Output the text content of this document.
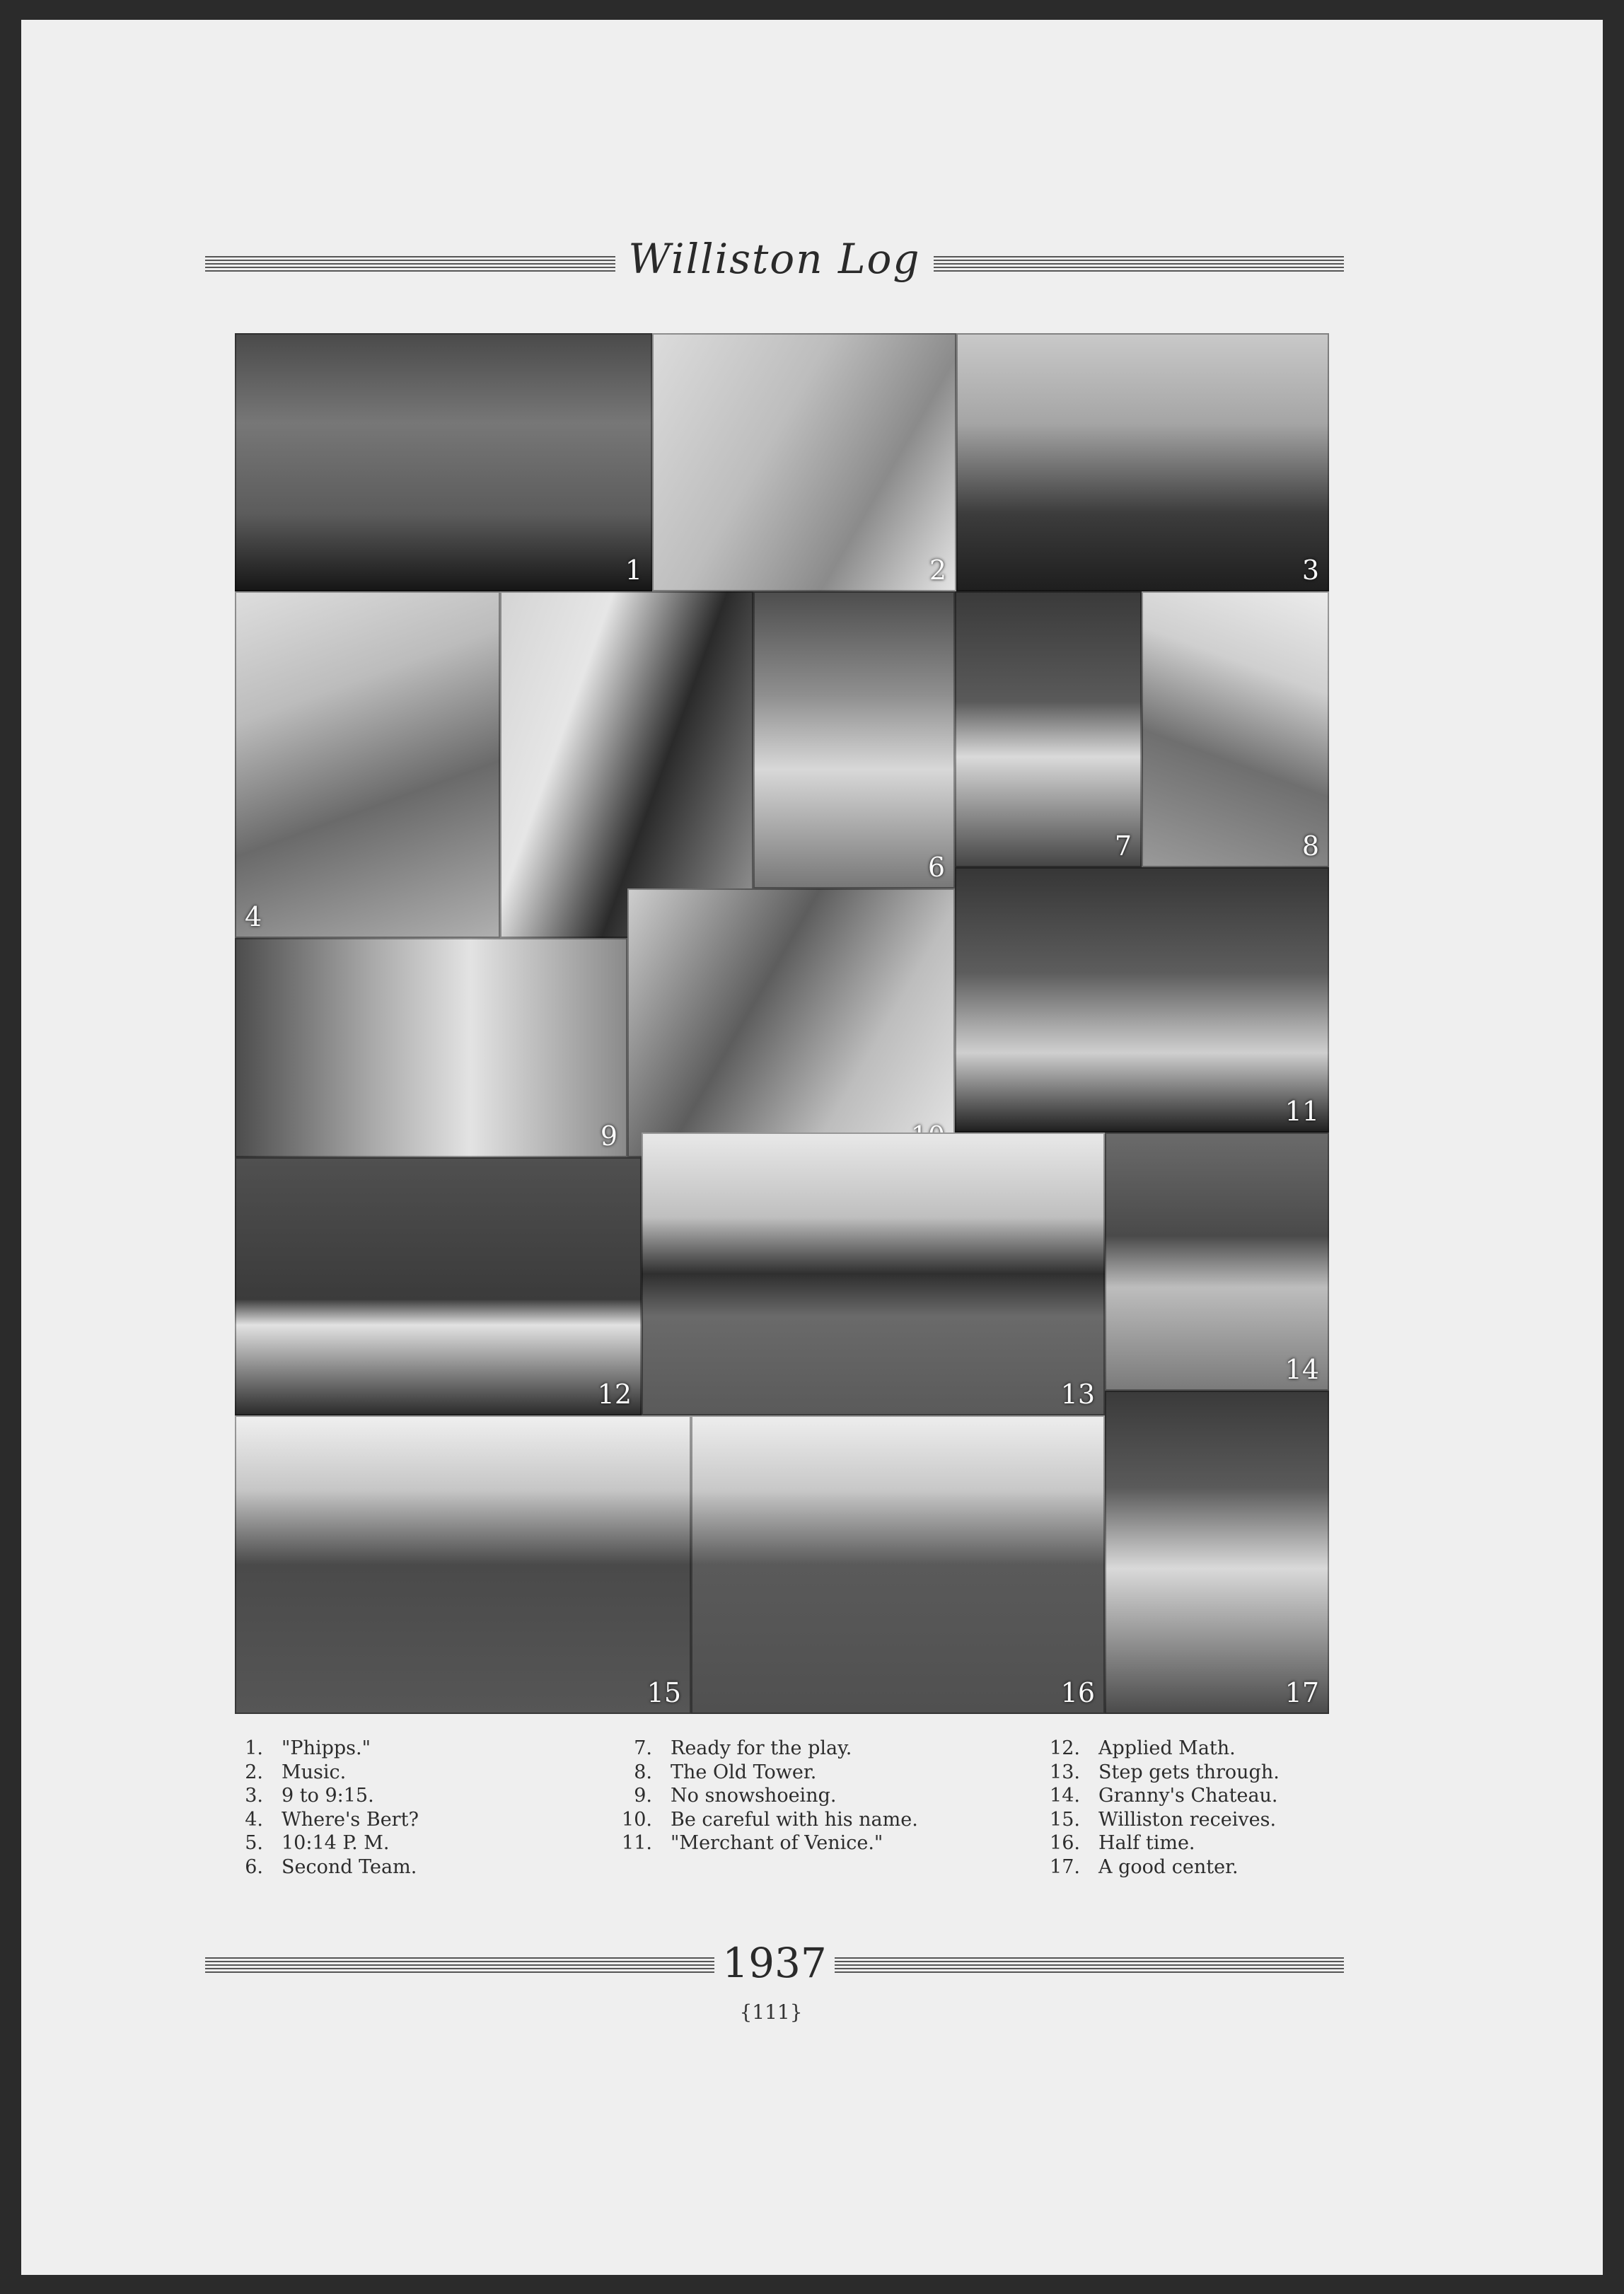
Williston Log
1	2	3
4
6
7	8
9
11
12	13
14
15	16	17
1. "Phipps."
2. Music.
3. 9 to 9:15.
4. Where's Bert?
5. 10:14 P. M.
6. Second Team.
7. Ready for the play.
8. The Old Tower.
9. No snowshoeing.
10. Be careful with his name.
11. "Merchant of Venice."
12. Applied Math.
13. Step gets through.
14. Granny's Chateau.
15. Williston receives.
16. Half time.
17. A good center.
1937
{111}
